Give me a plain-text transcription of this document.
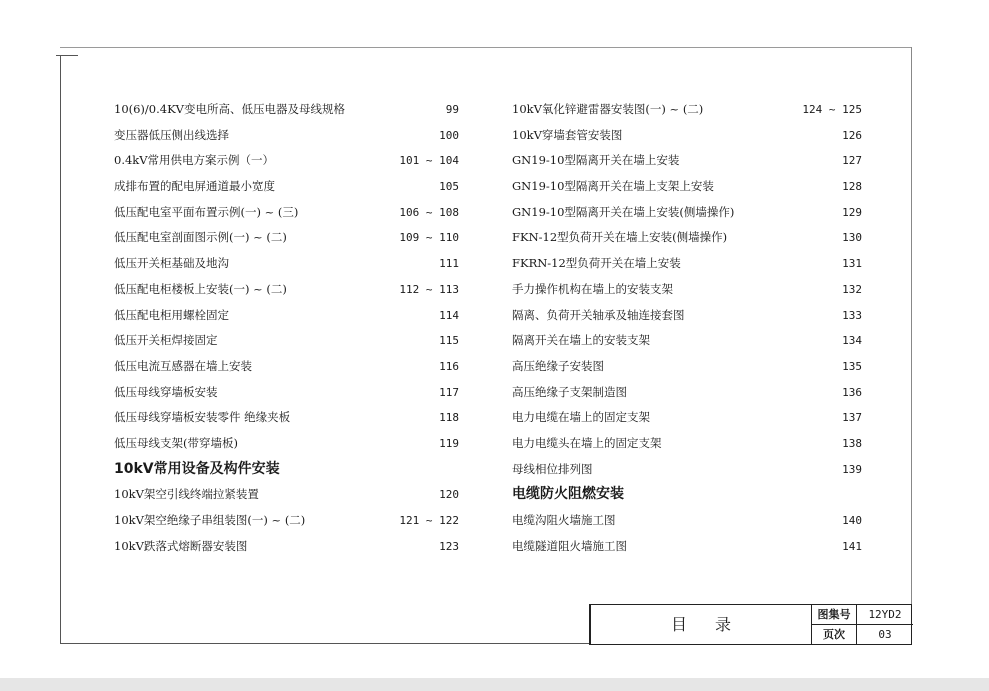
10(6)/0.4KV变电所高、低压电器及母线规格	99
变压器低压侧出线选择	100
0.4kV常用供电方案示例（一）	101 ~ 104
成排布置的配电屏通道最小宽度	105
低压配电室平面布置示例(一) ~ (三)	106 ~ 108
低压配电室剖面图示例(一) ~ (二)	109 ~ 110
低压开关柜基础及地沟	111
低压配电柜楼板上安装(一) ~ (二)	112 ~ 113
低压配电柜用螺栓固定	114
低压开关柜焊接固定	115
低压电流互感器在墙上安装	116
低压母线穿墙板安装	117
低压母线穿墙板安装零件 绝缘夹板	118
低压母线支架(带穿墙板)	119
10kV常用设备及构件安装
10kV架空引线终端拉紧装置	120
10kV架空绝缘子串组装图(一) ~ (二)	121 ~ 122
10kV跌落式熔断器安装图	123
10kV氧化锌避雷器安装图(一) ~ (二)	124 ~ 125
10kV穿墙套管安装图	126
GN19-10型隔离开关在墙上安装	127
GN19-10型隔离开关在墙上支架上安装	128
GN19-10型隔离开关在墙上安装(侧墙操作)	129
FKN-12型负荷开关在墙上安装(侧墙操作)	130
FKRN-12型负荷开关在墙上安装	131
手力操作机构在墙上的安装支架	132
隔离、负荷开关轴承及轴连接套图	133
隔离开关在墙上的安装支架	134
高压绝缘子安装图	135
高压绝缘子支架制造图	136
电力电缆在墙上的固定支架	137
电力电缆头在墙上的固定支架	138
母线相位排列图	139
电缆防火阻燃安装
电缆沟阻火墙施工图	140
电缆隧道阻火墙施工图	141
目录
图集号	12YD2
页次	03
